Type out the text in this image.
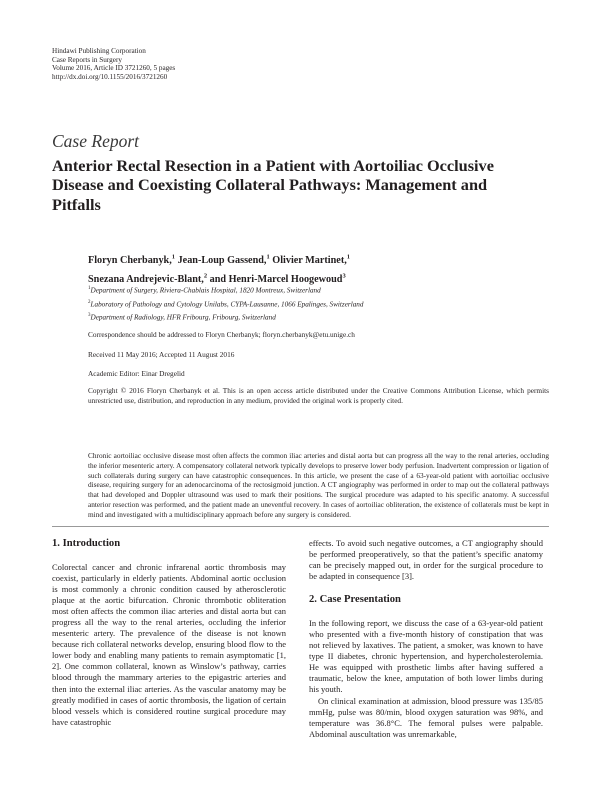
Hindawi Publishing Corporation
Case Reports in Surgery
Volume 2016, Article ID 3721260, 5 pages
http://dx.doi.org/10.1155/2016/3721260
Case Report
Anterior Rectal Resection in a Patient with Aortoiliac Occlusive Disease and Coexisting Collateral Pathways: Management and Pitfalls
Floryn Cherbanyk,$^1$ Jean-Loup Gassend,$^1$ Olivier Martinet,$^1$
Snezana Andrejevic-Blant,$^2$ and Henri-Marcel Hoogewoud$^3$
$^1$Department of Surgery, Riviera-Chablais Hospital, 1820 Montreux, Switzerland
$^2$Laboratory of Pathology and Cytology Unilabs, CYPA-Lausanne, 1066 Epalinges, Switzerland
$^3$Department of Radiology, HFR Fribourg, Fribourg, Switzerland
Correspondence should be addressed to Floryn Cherbanyk; floryn.cherbanyk@etu.unige.ch
Received 11 May 2016; Accepted 11 August 2016
Academic Editor: Einar Dregelid
Copyright © 2016 Floryn Cherbanyk et al. This is an open access article distributed under the Creative Commons Attribution License, which permits unrestricted use, distribution, and reproduction in any medium, provided the original work is properly cited.
Chronic aortoiliac occlusive disease most often affects the common iliac arteries and distal aorta but can progress all the way to the renal arteries, occluding the inferior mesenteric artery. A compensatory collateral network typically develops to preserve lower body perfusion. Inadvertent compression or ligation of such collaterals during surgery can have catastrophic consequences. In this article, we present the case of a 63-year-old patient with aortoiliac occlusive disease, requiring surgery for an adenocarcinoma of the rectosigmoid junction. A CT angiography was performed in order to map out the collateral pathways that had developed and Doppler ultrasound was used to mark their positions. The surgical procedure was adapted to his specific anatomy. A successful anterior resection was performed, and the patient made an uneventful recovery. In cases of aortoiliac obliteration, the existence of collaterals must be kept in mind and investigated with a multidisciplinary approach before any surgery is considered.
1. Introduction

Colorectal cancer and chronic infrarenal aortic thrombosis may coexist, particularly in elderly patients. Abdominal aortic occlusion is most commonly a chronic condition caused by atherosclerotic plaque at the aortic bifurcation. Chronic thrombotic obliteration most often affects the common iliac arteries and distal aorta but can progress all the way to the renal arteries, occluding the inferior mesenteric artery. The prevalence of the disease is not known because rich collateral networks develop, ensuring blood flow to the lower body and enabling many patients to remain asymptomatic [1, 2]. One common collateral, known as Winslow’s pathway, carries blood through the mammary arteries to the epigastric arteries and then into the external iliac arteries. As the vascular anatomy may be greatly modified in cases of aortic thrombosis, the ligation of certain blood vessels which is considered routine surgical procedure may have catastrophic

effects. To avoid such negative outcomes, a CT angiography should be performed preoperatively, so that the patient’s specific anatomy can be precisely mapped out, in order for the surgical procedure to be adapted in consequence [3].

2. Case Presentation

In the following report, we discuss the case of a 63-year-old patient who presented with a five-month history of constipation that was not relieved by laxatives. The patient, a smoker, was known to have type II diabetes, chronic hypertension, and hypercholesterolemia. He was equipped with prosthetic limbs after having suffered a traumatic, below the knee, amputation of both lower limbs during his youth.

On clinical examination at admission, blood pressure was 135/85 mmHg, pulse was 80/min, blood oxygen saturation was 98%, and temperature was 36.8°C. The femoral pulses were palpable. Abdominal auscultation was unremarkable,
